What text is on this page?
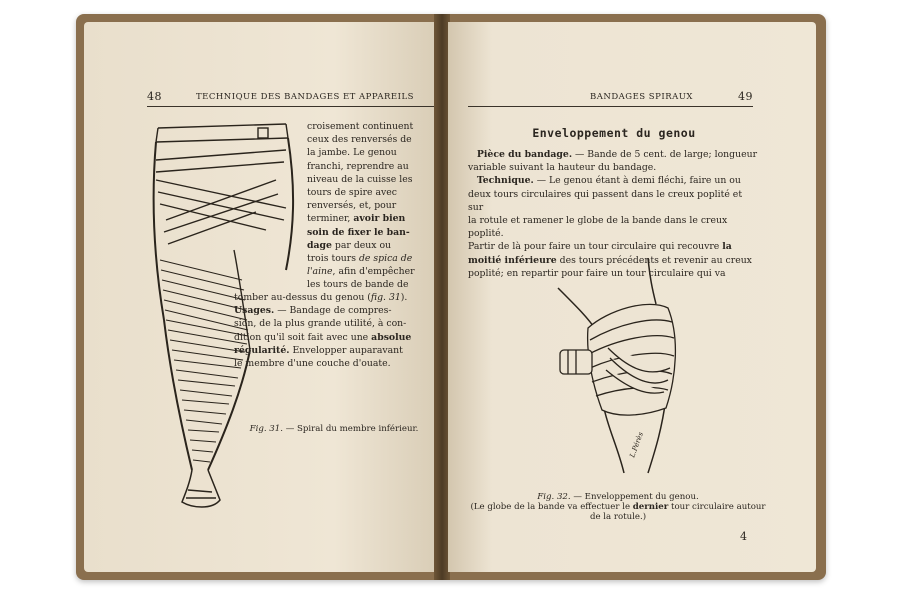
48	TECHNIQUE DES BANDAGES ET APPAREILS
croisement continuent
ceux des renversés de
la jambe. Le genou
franchi, reprendre au
niveau de la cuisse les
tours de spire avec
renversés, et, pour
terminer, avoir bien
soin de fixer le ban-
dage par deux ou
trois tours de spica de
l'aine, afin d'empêcher
les tours de bande de
tomber au-dessus du genou (fig. 31).
Usages. — Bandage de compres-
sion, de la plus grande utilité, à con-
dition qu'il soit fait avec une absolue
régularité. Envelopper auparavant
le membre d'une couche d'ouate.
Fig. 31. — Spiral du membre inférieur.
BANDAGES SPIRAUX	49
Enveloppement du genou
Pièce du bandage. — Bande de 5 cent. de large; longueur
variable suivant la hauteur du bandage.
Technique. — Le genou étant à demi fléchi, faire un ou
deux tours circulaires qui passent dans le creux poplité et sur
la rotule et ramener le globe de la bande dans le creux poplité.
Partir de là pour faire un tour circulaire qui recouvre la
moitié inférieure des tours précédents et revenir au creux
poplité; en repartir pour faire un tour circulaire qui va
L.Pérès
Fig. 32. — Enveloppement du genou.
(Le globe de la bande va effectuer le dernier tour circulaire autour
de la rotule.)
4
